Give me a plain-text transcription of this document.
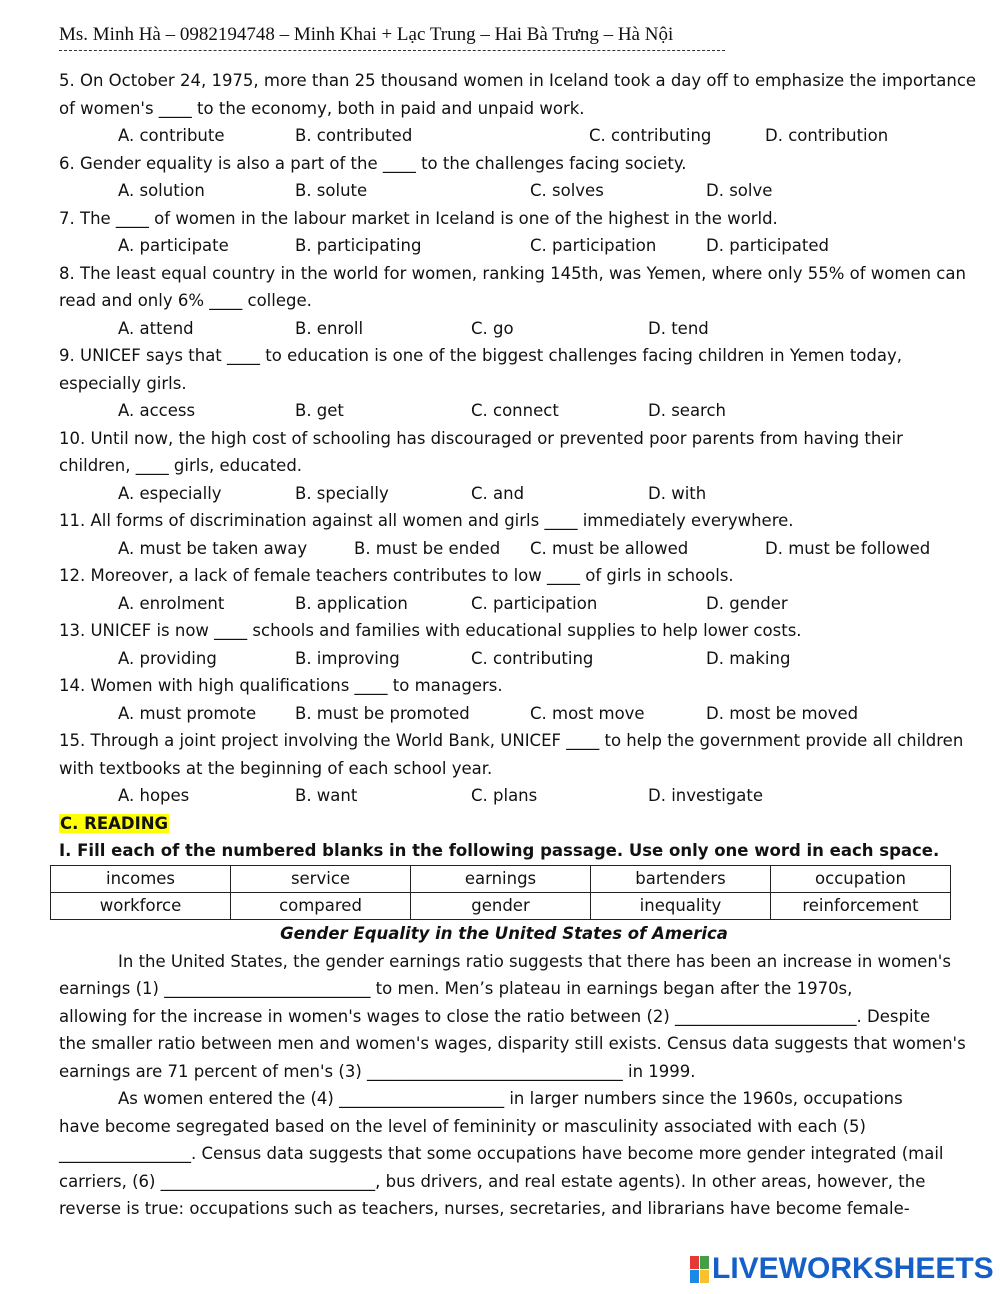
Ms. Minh Hà – 0982194748 – Minh Khai + Lạc Trung – Hai Bà Trưng – Hà Nội
5. On October 24, 1975, more than 25 thousand women in Iceland took a day off to emphasize the importance
of women's ____ to the economy, both in paid and unpaid work.
A. contribute	B. contributed	C. contributing	D. contribution
6. Gender equality is also a part of the ____ to the challenges facing society.
A. solution	B. solute	C. solves	D. solve
7. The ____ of women in the labour market in Iceland is one of the highest in the world.
A. participate	B. participating	C. participation	D. participated
8. The least equal country in the world for women, ranking 145th, was Yemen, where only 55% of women can
read and only 6% ____ college.
A. attend	B. enroll	C. go	D. tend
9. UNICEF says that ____ to education is one of the biggest challenges facing children in Yemen today,
especially girls.
A. access	B. get	C. connect	D. search
10. Until now, the high cost of schooling has discouraged or prevented poor parents from having their
children, ____ girls, educated.
A. especially	B. specially	C. and	D. with
11. All forms of discrimination against all women and girls ____ immediately everywhere.
A. must be taken away	B. must be ended C. must be allowed	D. must be followed
12. Moreover, a lack of female teachers contributes to low ____ of girls in schools.
A. enrolment	B. application	C. participation	D. gender
13. UNICEF is now ____ schools and families with educational supplies to help lower costs.
A. providing	B. improving	C. contributing	D. making
14. Women with high qualifications ____ to managers.
A. must promote B. must be promoted	C. most move	D. most be moved
15. Through a joint project involving the World Bank, UNICEF ____ to help the government provide all children
with textbooks at the beginning of each school year.
A. hopes	B. want	C. plans	D. investigate
C. READING
I. Fill each of the numbered blanks in the following passage. Use only one word in each space.
incomes	service	earnings	bartenders	occupation
workforce	compared	gender	inequality	reinforcement
Gender Equality in the United States of America
In the United States, the gender earnings ratio suggests that there has been an increase in women's
earnings (1) _________________________ to men. Men’s plateau in earnings began after the 1970s,
allowing for the increase in women's wages to close the ratio between (2) ______________________. Despite
the smaller ratio between men and women's wages, disparity still exists. Census data suggests that women's
earnings are 71 percent of men's (3) _______________________________ in 1999.
As women entered the (4) ____________________ in larger numbers since the 1960s, occupations
have become segregated based on the level of femininity or masculinity associated with each (5)
________________. Census data suggests that some occupations have become more gender integrated (mail
carriers, (6) __________________________, bus drivers, and real estate agents). In other areas, however, the
reverse is true: occupations such as teachers, nurses, secretaries, and librarians have become female-
LIVEWORKSHEETS
